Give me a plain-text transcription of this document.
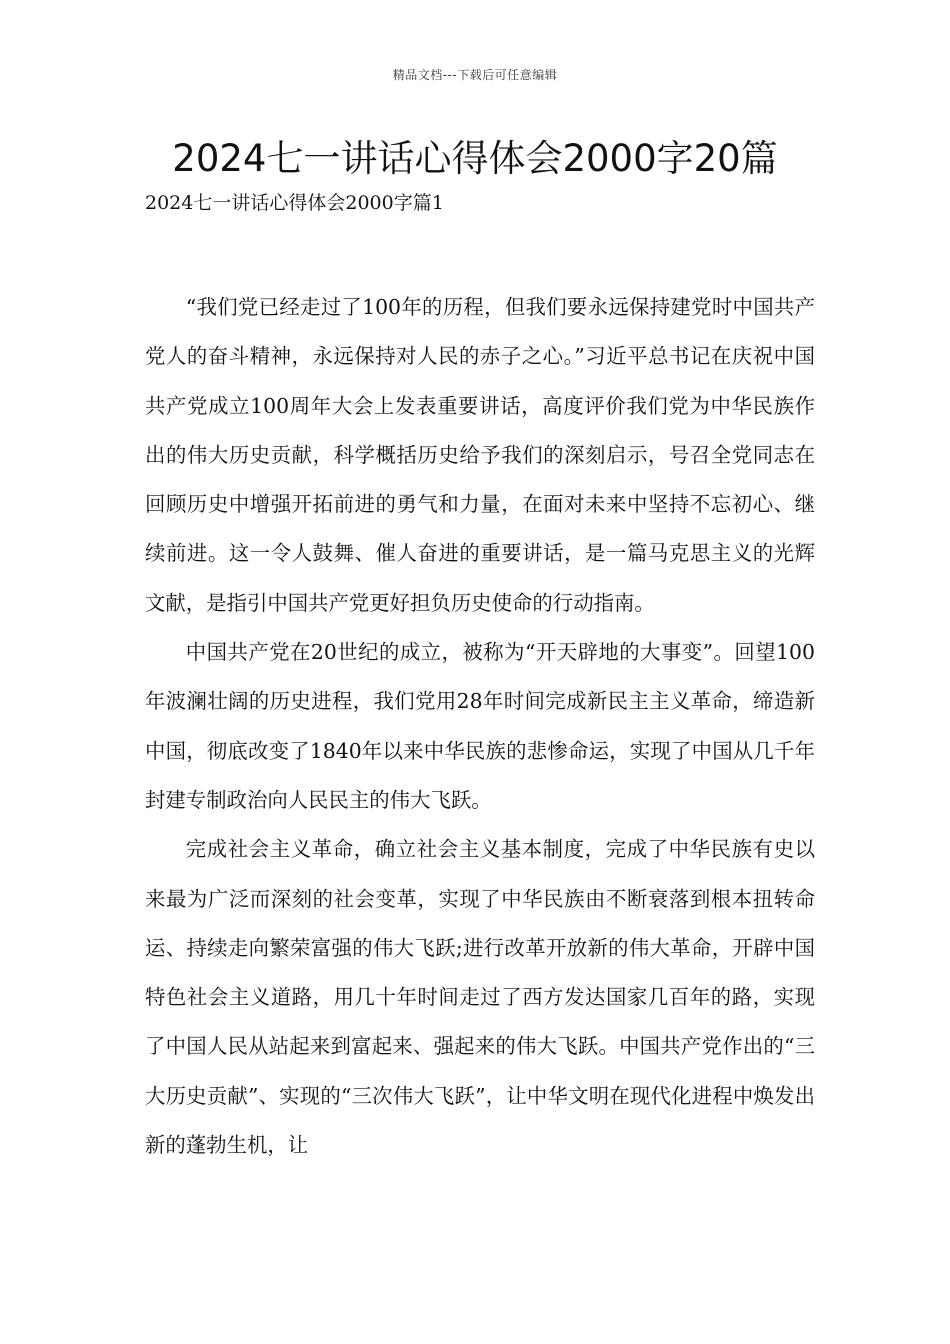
精品文档---下载后可任意编辑
2024七一讲话心得体会2000字20篇
2024七一讲话心得体会2000字篇1

“我们党已经走过了100年的历程，但我们要永远保持建党时中国共产党人的奋斗精神，永远保持对人民的赤子之心。”习近平总书记在庆祝中国共产党成立100周年大会上发表重要讲话，高度评价我们党为中华民族作出的伟大历史贡献，科学概括历史给予我们的深刻启示，号召全党同志在回顾历史中增强开拓前进的勇气和力量，在面对未来中坚持不忘初心、继续前进。这一令人鼓舞、催人奋进的重要讲话，是一篇马克思主义的光辉文献，是指引中国共产党更好担负历史使命的行动指南。

中国共产党在20世纪的成立，被称为“开天辟地的大事变”。回望100年波澜壮阔的历史进程，我们党用28年时间完成新民主主义革命，缔造新中国，彻底改变了1840年以来中华民族的悲惨命运，实现了中国从几千年封建专制政治向人民民主的伟大飞跃。

完成社会主义革命，确立社会主义基本制度，完成了中华民族有史以来最为广泛而深刻的社会变革，实现了中华民族由不断衰落到根本扭转命运、持续走向繁荣富强的伟大飞跃;进行改革开放新的伟大革命，开辟中国特色社会主义道路，用几十年时间走过了西方发达国家几百年的路，实现了中国人民从站起来到富起来、强起来的伟大飞跃。中国共产党作出的“三大历史贡献”、实现的“三次伟大飞跃”，让中华文明在现代化进程中焕发出新的蓬勃生机，让
